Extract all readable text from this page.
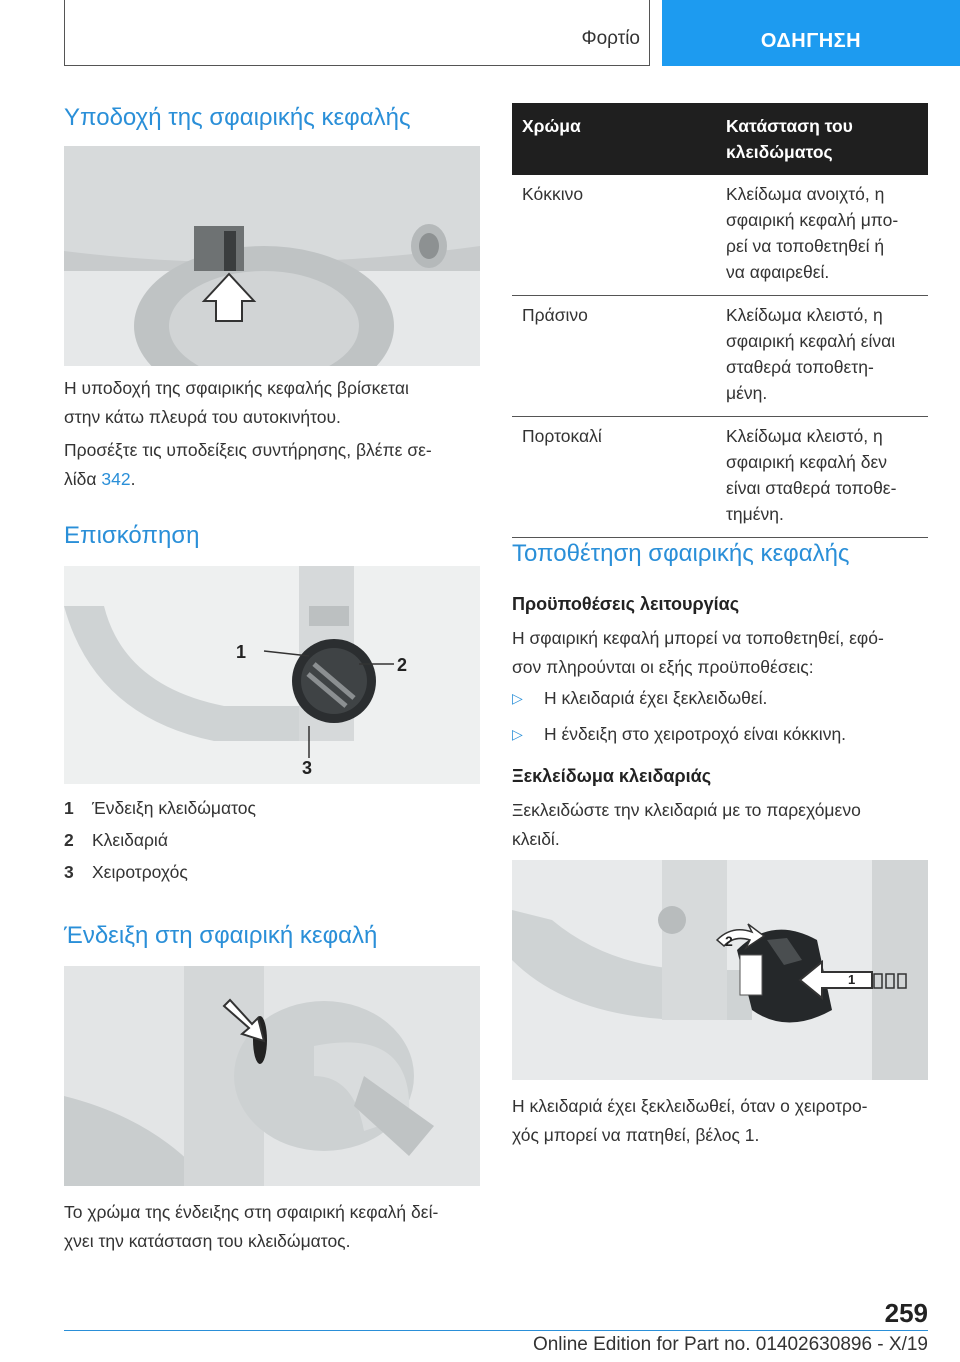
Φορτίο	ΟΔΗΓΗΣΗ
Υποδοχή της σφαιρικής κεφαλής
Η υποδοχή της σφαιρικής κεφαλής βρίσκεται
στην κάτω πλευρά του αυτοκινήτου.
Προσέξτε τις υποδείξεις συντήρησης, βλέπε σε-
λίδα 342.
Επισκόπηση
1
2
3
1 Ένδειξη κλειδώματος
2 Κλειδαριά
3 Χειροτροχός
Ένδειξη στη σφαιρική κεφαλή
Το χρώμα της ένδειξης στη σφαιρική κεφαλή δεί-
χνει την κατάσταση του κλειδώματος.
Χρώμα	Κατάσταση του
κλειδώματος

Κόκκινο	Κλείδωμα ανοιχτό, η
σφαιρική κεφαλή μπο-
ρεί να τοποθετηθεί ή
να αφαιρεθεί.

Πράσινο	Κλείδωμα κλειστό, η
σφαιρική κεφαλή είναι
σταθερά τοποθετη-
μένη.

Πορτοκαλί	Κλείδωμα κλειστό, η
σφαιρική κεφαλή δεν
είναι σταθερά τοποθε-
τημένη.
Τοποθέτηση σφαιρικής κεφαλής
Προϋποθέσεις λειτουργίας
Η σφαιρική κεφαλή μπορεί να τοποθετηθεί, εφό-
σον πληρούνται οι εξής προϋποθέσεις:
▷ Η κλειδαριά έχει ξεκλειδωθεί.
▷ Η ένδειξη στο χειροτροχό είναι κόκκινη.
Ξεκλείδωμα κλειδαριάς
Ξεκλειδώστε την κλειδαριά με το παρεχόμενο
κλειδί.
1
2
Η κλειδαριά έχει ξεκλειδωθεί, όταν ο χειροτρο-
χός μπορεί να πατηθεί, βέλος 1.
259
Online Edition for Part no. 01402630896 - X/19
